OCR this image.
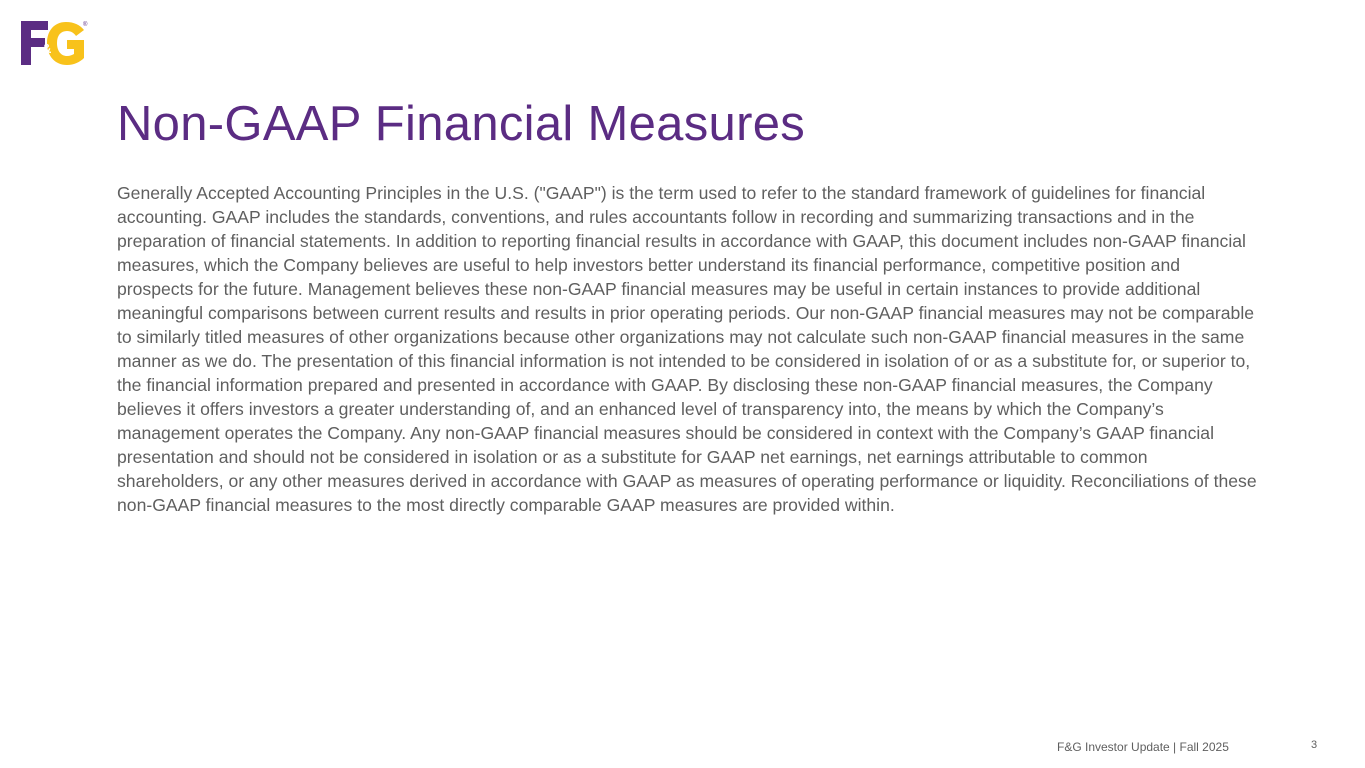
&
®
Non-GAAP Financial Measures

Generally Accepted Accounting Principles in the U.S. ("GAAP") is the term used to refer to the standard framework of guidelines for financial accounting. GAAP includes the standards, conventions, and rules accountants follow in recording and summarizing transactions and in the preparation of financial statements. In addition to reporting financial results in accordance with GAAP, this document includes non-GAAP financial measures, which the Company believes are useful to help investors better understand its financial performance, competitive position and prospects for the future. Management believes these non-GAAP financial measures may be useful in certain instances to provide additional meaningful comparisons between current results and results in prior operating periods. Our non-GAAP financial measures may not be comparable to similarly titled measures of other organizations because other organizations may not calculate such non-GAAP financial measures in the same manner as we do. The presentation of this financial information is not intended to be considered in isolation of or as a substitute for, or superior to, the financial information prepared and presented in accordance with GAAP. By disclosing these non-GAAP financial measures, the Company believes it offers investors a greater understanding of, and an enhanced level of transparency into, the means by which the Company’s management operates the Company. Any non-GAAP financial measures should be considered in context with the Company’s GAAP financial presentation and should not be considered in isolation or as a substitute for GAAP net earnings, net earnings attributable to common shareholders, or any other measures derived in accordance with GAAP as measures of operating performance or liquidity. Reconciliations of these non-GAAP financial measures to the most directly comparable GAAP measures are provided within.

F&G Investor Update | Fall 2025	3
